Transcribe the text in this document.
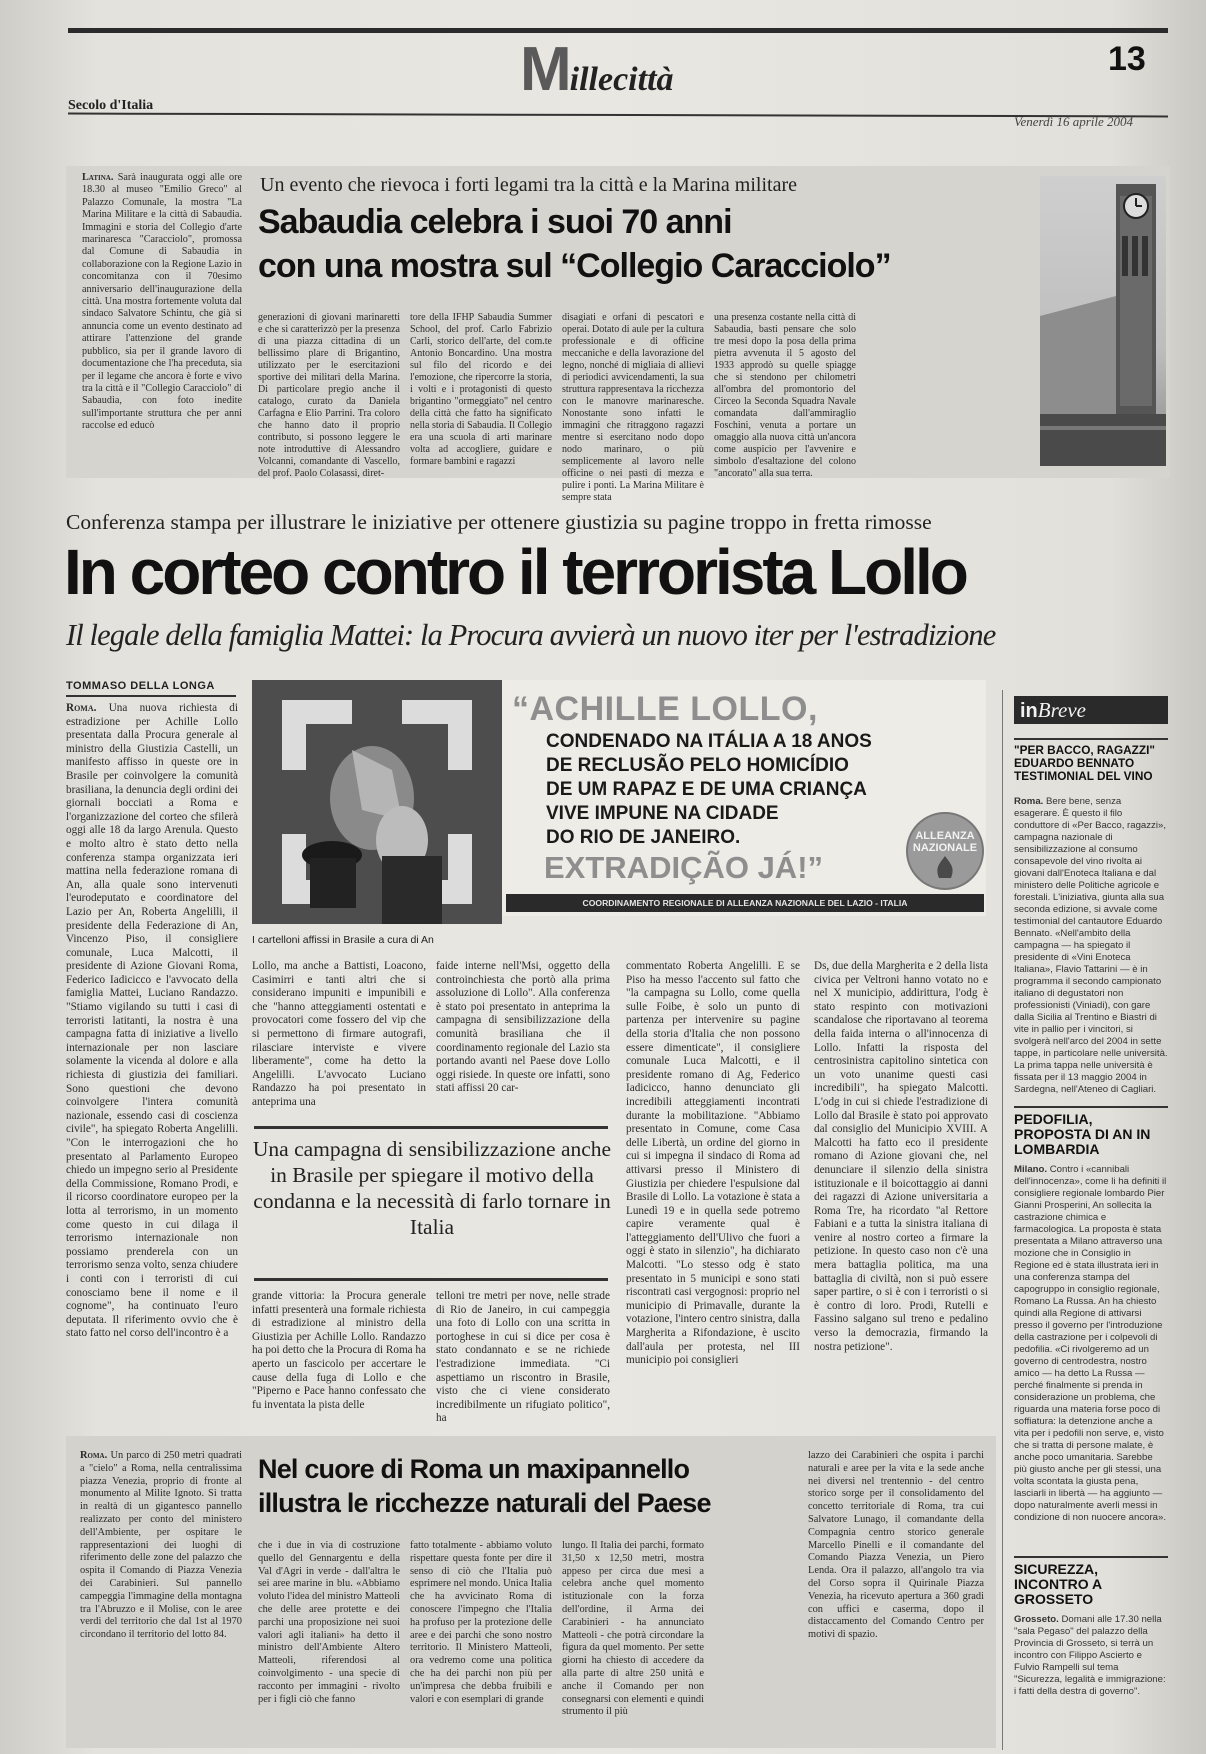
Millecittà
13
Secolo d'Italia
Venerdì 16 aprile 2004
Latina. Sarà inaugurata oggi alle ore 18.30 al museo "Emilio Greco" al Palazzo Comunale, la mostra "La Marina Militare e la città di Sabaudia. Immagini e storia del Collegio d'arte marinaresca "Caracciolo", promossa dal Comune di Sabaudia in collaborazione con la Regione Lazio in concomitanza con il 70esimo anniversario dell'inaugurazione della città. Una mostra fortemente voluta dal sindaco Salvatore Schintu, che già si annuncia come un evento destinato ad attirare l'attenzione del grande pubblico, sia per il grande lavoro di documentazione che l'ha preceduta, sia per il legame che ancora è forte e vivo tra la città e il "Collegio Caracciolo" di Sabaudia, con foto inedite sull'importante struttura che per anni raccolse ed educò
Un evento che rievoca i forti legami tra la città e la Marina militare
Sabaudia celebra i suoi 70 anni
con una mostra sul “Collegio Caracciolo”
generazioni di giovani marinaretti e che si caratterizzò per la presenza di una piazza cittadina di un bellissimo plare di Brigantino, utilizzato per le esercitazioni sportive dei militari della Marina. Di particolare pregio anche il catalogo, curato da Daniela Carfagna e Elio Parrini. Tra coloro che hanno dato il proprio contributo, si possono leggere le note introduttive di Alessandro Volcanni, comandante di Vascello, del prof. Paolo Colasassi, diret-
tore della IFHP Sabaudia Summer School, del prof. Carlo Fabrizio Carli, storico dell'arte, del com.te Antonio Boncardino. Una mostra sul filo del ricordo e dei l'emozione, che ripercorre la storia, i volti e i protagonisti di questo brigantino "ormeggiato" nel centro della città che fatto ha significato nella storia di Sabaudia. Il Collegio era una scuola di arti marinare volta ad accogliere, guidare e formare bambini e ragazzi
disagiati e orfani di pescatori e operai. Dotato di aule per la cultura professionale e di officine meccaniche e della lavorazione del legno, nonché di migliaia di allievi di periodici avvicendamenti, la sua struttura rappresentava la ricchezza con le manovre marinaresche. Nonostante sono infatti le immagini che ritraggono ragazzi mentre si esercitano nodo dopo nodo marinaro, o più semplicemente al lavoro nelle officine o nei pasti di mezza e pulire i ponti. La Marina Militare è sempre stata
una presenza costante nella città di Sabaudia, basti pensare che solo tre mesi dopo la posa della prima pietra avvenuta il 5 agosto del 1933 approdò su quelle spiagge che si stendono per chilometri all'ombra del promontorio del Circeo la Seconda Squadra Navale comandata dall'ammiraglio Foschini, venuta a portare un omaggio alla nuova città un'ancora come auspicio per l'avvenire e simbolo d'esaltazione del colono "ancorato" alla sua terra.
Conferenza stampa per illustrare le iniziative per ottenere giustizia su pagine troppo in fretta rimosse
In corteo contro il terrorista Lollo
Il legale della famiglia Mattei: la Procura avvierà un nuovo iter per l'estradizione
TOMMASO DELLA LONGA
Roma. Una nuova richiesta di estradizione per Achille Lollo presentata dalla Procura generale al ministro della Giustizia Castelli, un manifesto affisso in queste ore in Brasile per coinvolgere la comunità brasiliana, la denuncia degli ordini dei giornali bocciati a Roma e l'organizzazione del corteo che sfilerà oggi alle 18 da largo Arenula. Questo e molto altro è stato detto nella conferenza stampa organizzata ieri mattina nella federazione romana di An, alla quale sono intervenuti l'eurodeputato e coordinatore del Lazio per An, Roberta Angelilli, il presidente della Federazione di An, Vincenzo Piso, il consigliere comunale, Luca Malcotti, il presidente di Azione Giovani Roma, Federico Iadicicco e l'avvocato della famiglia Mattei, Luciano Randazzo. "Stiamo vigilando su tutti i casi di terroristi latitanti, la nostra è una campagna fatta di iniziative a livello internazionale per non lasciare solamente la vicenda al dolore e alla richiesta di giustizia dei familiari. Sono questioni che devono coinvolgere l'intera comunità nazionale, essendo casi di coscienza civile", ha spiegato Roberta Angelilli. "Con le interrogazioni che ho presentato al Parlamento Europeo chiedo un impegno serio al Presidente della Commissione, Romano Prodi, e il ricorso coordinatore europeo per la lotta al terrorismo, in un momento come questo in cui dilaga il terrorismo internazionale non possiamo prenderela con un terrorismo senza volto, senza chiudere i conti con i terroristi di cui conosciamo bene il nome e il cognome", ha continuato l'euro deputata. Il riferimento ovvio che è stato fatto nel corso dell'incontro è a
“ACHILLE LOLLO,
CONDENADO NA ITÁLIA A 18 ANOS
DE RECLUSÃO PELO HOMICÍDIO
DE UM RAPAZ E DE UMA CRIANÇA
VIVE IMPUNE NA CIDADE
DO RIO DE JANEIRO.
EXTRADIÇÃO JÁ!”
ALLEANZA
NAZIONALE
COORDINAMENTO REGIONALE DI ALLEANZA NAZIONALE DEL LAZIO - ITALIA
I cartelloni affissi in Brasile a cura di An
Lollo, ma anche a Battisti, Loacono, Casimirri e tanti altri che si considerano impuniti e impunibili e che "hanno atteggiamenti ostentati e provocatori come fossero del vip che si permettono di firmare autografi, rilasciare interviste e vivere liberamente", come ha detto la Angelilli. L'avvocato Luciano Randazzo ha poi presentato in anteprima una
faide interne nell'Msi, oggetto della controinchiesta che portò alla prima assoluzione di Lollo". Alla conferenza è stato poi presentato in anteprima la campagna di sensibilizzazione della comunità brasiliana che il coordinamento regionale del Lazio sta portando avanti nel Paese dove Lollo oggi risiede. In queste ore infatti, sono stati affissi 20 car-
commentato Roberta Angelilli. E se Piso ha messo l'accento sul fatto che "la campagna su Lollo, come quella sulle Foibe, è solo un punto di partenza per intervenire su pagine della storia d'Italia che non possono essere dimenticate", il consigliere comunale Luca Malcotti, e il presidente romano di Ag, Federico Iadicicco, hanno denunciato gli incredibili atteggiamenti incontrati durante la mobilitazione. "Abbiamo presentato in Comune, come Casa delle Libertà, un ordine del giorno in cui si impegna il sindaco di Roma ad attivarsi presso il Ministero di Giustizia per chiedere l'espulsione dal Brasile di Lollo. La votazione è stata a Lunedì 19 e in quella sede potremo capire veramente qual è l'atteggiamento dell'Ulivo che fuori a oggi è stato in silenzio", ha dichiarato Malcotti. "Lo stesso odg è stato presentato in 5 municipi e sono stati riscontrati casi vergognosi: proprio nel municipio di Primavalle, durante la votazione, l'intero centro sinistra, dalla Margherita a Rifondazione, è uscito dall'aula per protesta, nel III municipio poi consiglieri
Ds, due della Margherita e 2 della lista civica per Veltroni hanno votato no e nel X municipio, addirittura, l'odg è stato respinto con motivazioni scandalose che riportavano al teorema della faida interna o all'innocenza di Lollo. Infatti la risposta del centrosinistra capitolino sintetica con un voto unanime questi casi incredibili", ha spiegato Malcotti. L'odg in cui si chiede l'estradizione di Lollo dal Brasile è stato poi approvato dal consiglio del Municipio XVIII. A Malcotti ha fatto eco il presidente romano di Azione giovani che, nel denunciare il silenzio della sinistra istituzionale e il boicottaggio ai danni dei ragazzi di Azione universitaria a Roma Tre, ha ricordato "al Rettore Fabiani e a tutta la sinistra italiana di venire al nostro corteo a firmare la petizione. In questo caso non c'è una mera battaglia politica, ma una battaglia di civiltà, non si può essere saper partire, o si è con i terroristi o si è contro di loro. Prodi, Rutelli e Fassino salgano sul treno e pedalino verso la democrazia, firmando la nostra petizione".
Una campagna di sensibilizzazione anche in Brasile per spiegare il motivo della condanna e la necessità di farlo tornare in Italia
grande vittoria: la Procura generale infatti presenterà una formale richiesta di estradizione al ministro della Giustizia per Achille Lollo. Randazzo ha poi detto che la Procura di Roma ha aperto un fascicolo per accertare le cause della fuga di Lollo e che "Piperno e Pace hanno confessato che fu inventata la pista delle
telloni tre metri per nove, nelle strade di Rio de Janeiro, in cui campeggia una foto di Lollo con una scritta in portoghese in cui si dice per cosa è stato condannato e se ne richiede l'estradizione immediata. "Ci aspettiamo un riscontro in Brasile, visto che ci viene considerato incredibilmente un rifugiato politico", ha
Roma. Un parco di 250 metri quadrati a "cielo" a Roma, nella centralissima piazza Venezia, proprio di fronte al monumento al Milite Ignoto. Si tratta in realtà di un gigantesco pannello realizzato per conto del ministero dell'Ambiente, per ospitare le rappresentazioni dei luoghi di riferimento delle zone del palazzo che ospita il Comando di Piazza Venezia dei Carabinieri. Sul pannello campeggia l'immagine della montagna tra l'Abruzzo e il Molise, con le aree verdi del territorio che dal 1st al 1970 circondano il territorio del lotto 84.
Nel cuore di Roma un maxipannello
illustra le ricchezze naturali del Paese
che i due in via di costruzione quello del Gennargentu e della Val d'Agri in verde - dall'altra le sei aree marine in blu. «Abbiamo voluto l'idea del ministro Matteoli che delle aree protette e dei parchi una proposizione nei suoi valori agli italiani» ha detto il ministro dell'Ambiente Altero Matteoli, riferendosi al coinvolgimento - una specie di racconto per immagini - rivolto per i figli ciò che fanno
fatto totalmente - abbiamo voluto rispettare questa fonte per dire il senso di ciò che l'Italia può esprimere nel mondo. Unica Italia che ha avvicinato Roma di conoscere l'impegno che l'Italia ha profuso per la protezione delle aree e dei parchi che sono nostro territorio. Il Ministero Matteoli, ora vedremo come una politica che ha dei parchi non più per un'impresa che debba fruibili e valori e con esemplari di grande
lungo. Il Italia dei parchi, formato 31,50 x 12,50 metri, mostra appeso per circa due mesi a celebra anche quel momento istituzionale con la forza dell'ordine, il Arma dei Carabinieri - ha annunciato Matteoli - che potrà circondare la figura da quel momento. Per sette giorni ha chiesto di accedere da alla parte di altre 250 unità e anche il Comando per non consegnarsi con elementi e quindi strumento il più
lazzo dei Carabinieri che ospita i parchi naturali e aree per la vita e la sede anche nei diversi nel trentennio - del centro storico sorge per il consolidamento del concetto territoriale di Roma, tra cui Salvatore Lunago, il comandante della Compagnia centro storico generale Marcello Pinelli e il comandante del Comando Piazza Venezia, un Piero Lenda. Ora il palazzo, all'angolo tra via del Corso sopra il Quirinale Piazza Venezia, ha ricevuto apertura a 360 gradi con uffici e caserma, dopo il distaccamento del Comando Centro per motivi di spazio.
inBreve
"PER BACCO, RAGAZZI" EDUARDO BENNATO TESTIMONIAL DEL VINO
Roma. Bere bene, senza esagerare. È questo il filo conduttore di «Per Bacco, ragazzi», campagna nazionale di sensibilizzazione al consumo consapevole del vino rivolta ai giovani dall'Enoteca Italiana e dal ministero delle Politiche agricole e forestali. L'iniziativa, giunta alla sua seconda edizione, si avvale come testimonial del cantautore Eduardo Bennato. «Nell'ambito della campagna — ha spiegato il presidente di «Vini Enoteca Italiana», Flavio Tattarini — è in programma il secondo campionato italiano di degustatori non professionisti (Viniadi), con gare dalla Sicilia al Trentino e Biastri di vite in pallio per i vincitori, si svolgerà nell'arco del 2004 in sette tappe, in particolare nelle università. La prima tappa nelle università è fissata per il 13 maggio 2004 in Sardegna, nell'Ateneo di Cagliari.
PEDOFILIA, PROPOSTA DI AN IN LOMBARDIA
Milano. Contro i «cannibali dell'innocenza», come li ha definiti il consigliere regionale lombardo Pier Gianni Prosperini, An sollecita la castrazione chimica e farmacologica. La proposta è stata presentata a Milano attraverso una mozione che in Consiglio in Regione ed è stata illustrata ieri in una conferenza stampa del capogruppo in consiglio regionale, Romano La Russa. An ha chiesto quindi alla Regione di attivarsi presso il governo per l'introduzione della castrazione per i colpevoli di pedofilia. «Ci rivolgeremo ad un governo di centrodestra, nostro amico — ha detto La Russa — perché finalmente si prenda in considerazione un problema, che riguarda una materia forse poco di soffiatura: la detenzione anche a vita per i pedofili non serve, e, visto che si tratta di persone malate, è anche poco umanitaria. Sarebbe più giusto anche per gli stessi, una volta scontata la giusta pena, lasciarli in libertà — ha aggiunto — dopo naturalmente averli messi in condizione di non nuocere ancora».
SICUREZZA, INCONTRO A GROSSETO
Grosseto. Domani alle 17.30 nella "sala Pegaso" del palazzo della Provincia di Grosseto, si terrà un incontro con Filippo Ascierto e Fulvio Rampelli sul tema "Sicurezza, legalità e immigrazione: i fatti della destra di governo".
